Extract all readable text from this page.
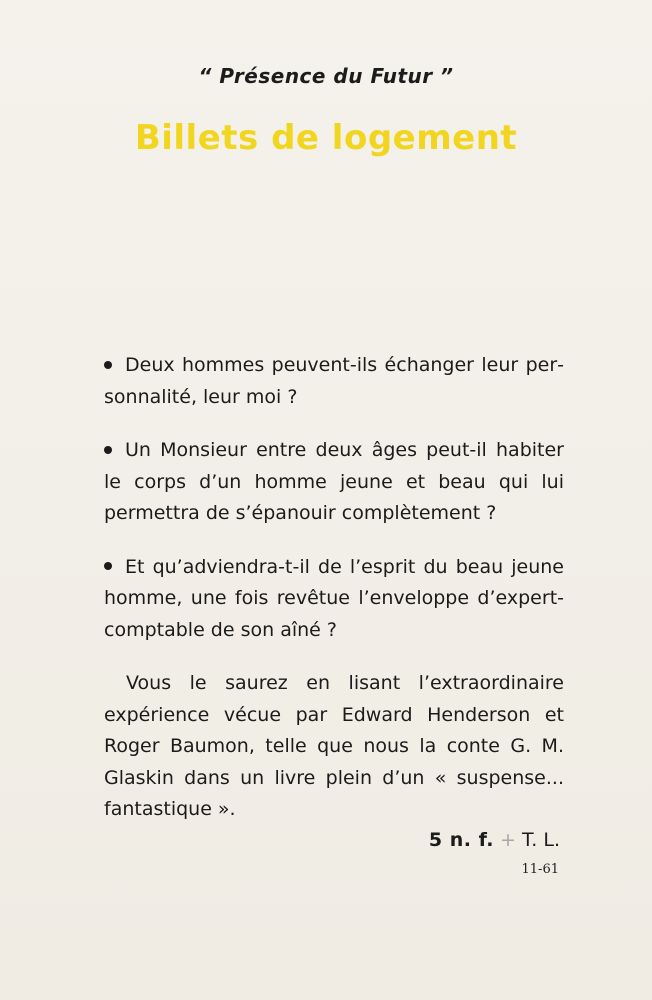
“ Présence du Futur ”
Billets de logement

Deux hommes peuvent-ils échanger leur personnalité, leur moi ?

Un Monsieur entre deux âges peut-il habiter le corps d’un homme jeune et beau qui lui permettra de s’épanouir complètement ?

Et qu’adviendra-t-il de l’esprit du beau jeune homme, une fois revêtue l’enveloppe d’expert-comptable de son aîné ?

Vous le saurez en lisant l’extraordinaire expérience vécue par Edward Henderson et Roger Baumon, telle que nous la conte G. M. Glaskin dans un livre plein d’un « suspense... fantastique ».

5 n. f. + T. L.
11-61
